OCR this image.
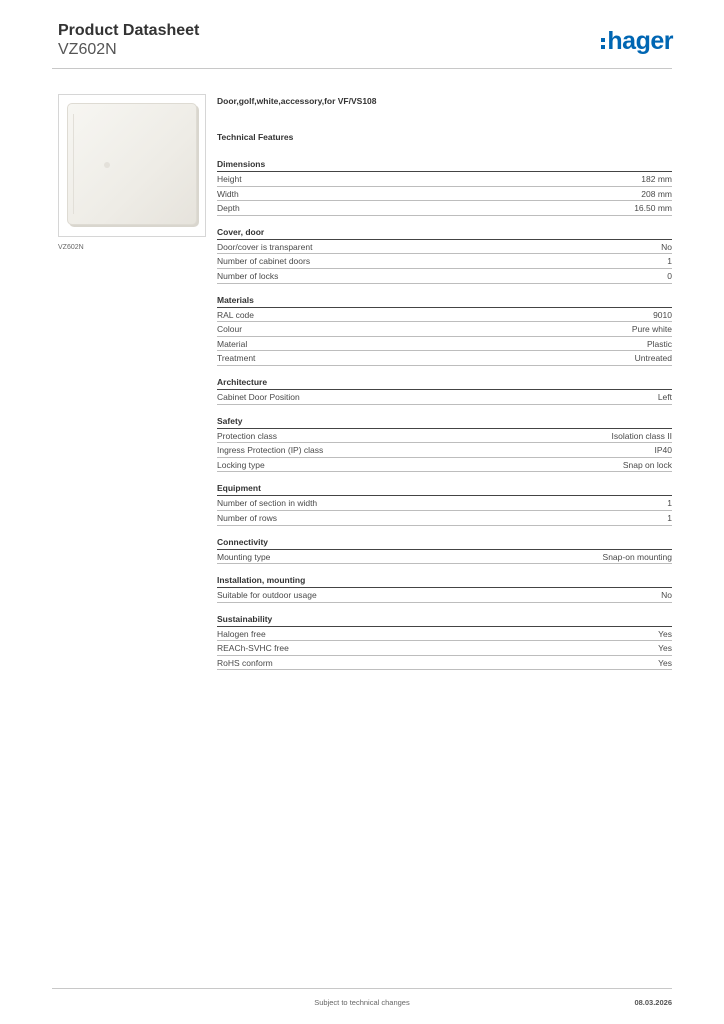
Product Datasheet
VZ602N	hager
VZ602N
Door,golf,white,accessory,for VF/VS108
Technical Features
Dimensions
Height	182 mm
Width	208 mm
Depth	16.50 mm
Cover, door
Door/cover is transparent	No
Number of cabinet doors	1
Number of locks	0
Materials
RAL code	9010
Colour	Pure white
Material	Plastic
Treatment	Untreated
Architecture
Cabinet Door Position	Left
Safety
Protection class	Isolation class II
Ingress Protection (IP) class	IP40
Locking type	Snap on lock
Equipment
Number of section in width	1
Number of rows	1
Connectivity
Mounting type	Snap-on mounting
Installation, mounting
Suitable for outdoor usage	No
Sustainability
Halogen free	Yes
REACh-SVHC free	Yes
RoHS conform	Yes
Subject to technical changes	08.03.2026
